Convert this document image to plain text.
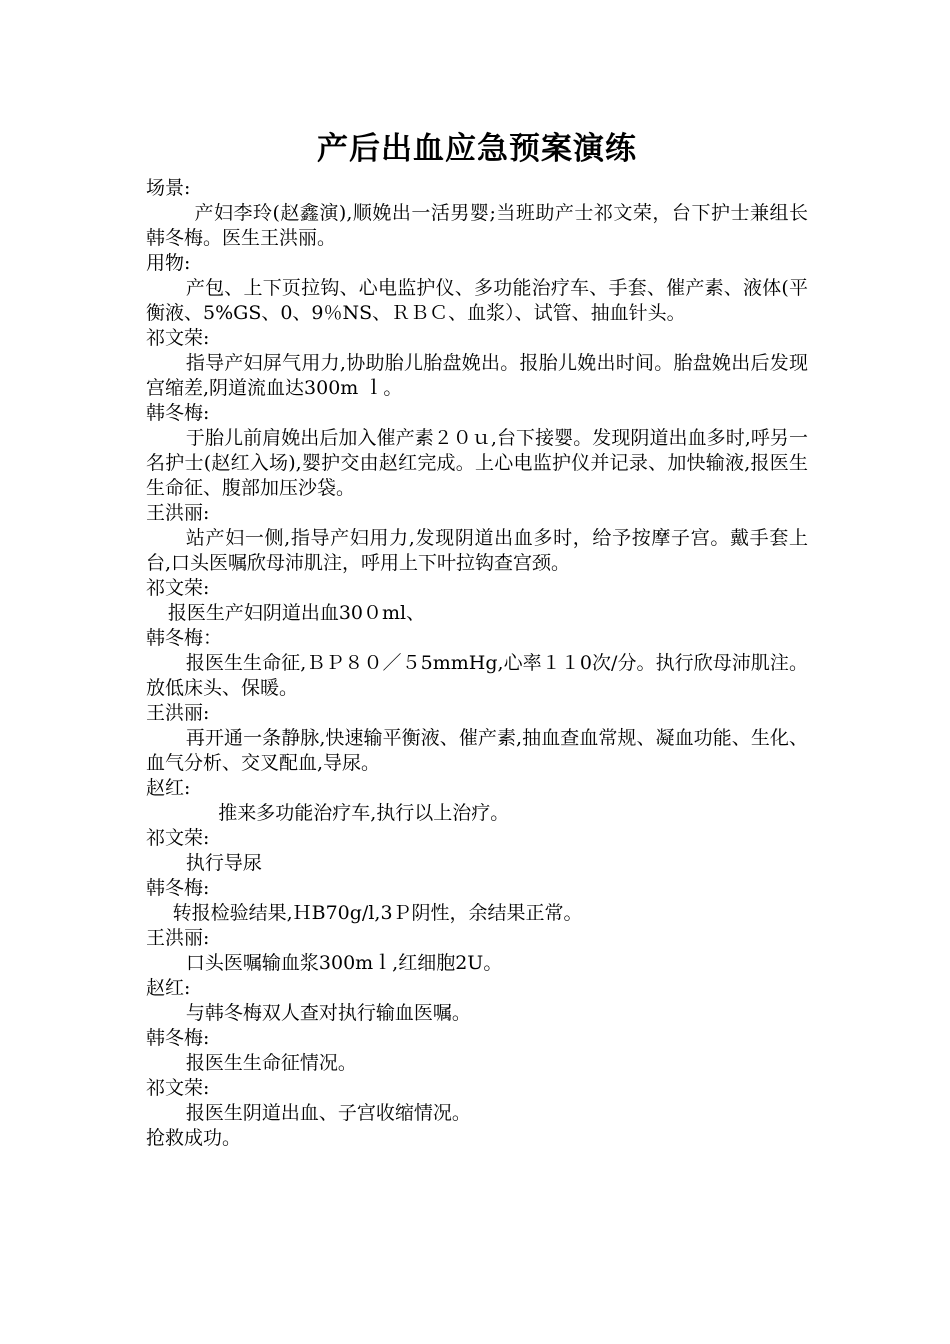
产后出血应急预案演练

场景:

产妇李玲(赵鑫演),顺娩出一活男婴;当班助产士祁文荣，台下护士兼组长韩冬梅。医生王洪丽。

用物:

产包、上下页拉钩、心电监护仪、多功能治疗车、手套、催产素、液体(平衡液、5%GS、0、9％NS、ＲＢＣ、血浆）、试管、抽血针头。

祁文荣:

指导产妇屏气用力,协助胎儿胎盘娩出。报胎儿娩出时间。胎盘娩出后发现宫缩差,阴道流血达300m ｌ。

韩冬梅:

于胎儿前肩娩出后加入催产素２０ｕ,台下接婴。发现阴道出血多时,呼另一名护士(赵红入场),婴护交由赵红完成。上心电监护仪并记录、加快输液,报医生生命征、腹部加压沙袋。

王洪丽:

站产妇一侧,指导产妇用力,发现阴道出血多时，给予按摩子宫。戴手套上台,口头医嘱欣母沛肌注，呼用上下叶拉钩查宫颈。

祁文荣:

报医生产妇阴道出血30０ml、

韩冬梅：

报医生生命征,ＢＰ８０／５5mmHg,心率１１0次/分。执行欣母沛肌注。放低床头、保暖。

王洪丽:

再开通一条静脉,快速输平衡液、催产素,抽血查血常规、凝血功能、生化、血气分析、交叉配血,导尿。

赵红:

推来多功能治疗车,执行以上治疗。

祁文荣:

执行导尿

韩冬梅:

转报检验结果,ＨB70g/l,3Ｐ阴性，余结果正常。

王洪丽:

口头医嘱输血浆300mｌ,红细胞2U。

赵红:

与韩冬梅双人查对执行输血医嘱。

韩冬梅:

报医生生命征情况。

祁文荣:

报医生阴道出血、子宫收缩情况。

抢救成功。
